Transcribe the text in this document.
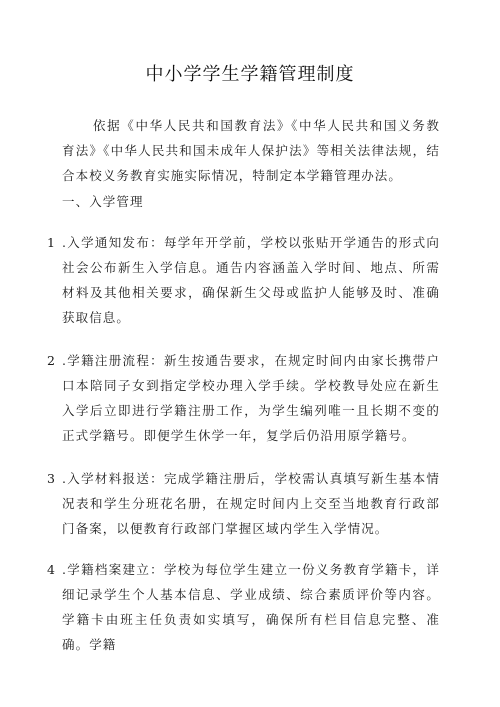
中小学学生学籍管理制度
依据《中华人民共和国教育法》《中华人民共和国义务教育法》《中华人民共和国未成年人保护法》等相关法律法规，结合本校义务教育实施实际情况，特制定本学籍管理办法。
一、入学管理
1 .入学通知发布：每学年开学前，学校以张贴开学通告的形式向社会公布新生入学信息。通告内容涵盖入学时间、地点、所需材料及其他相关要求，确保新生父母或监护人能够及时、准确获取信息。
2 .学籍注册流程：新生按通告要求，在规定时间内由家长携带户口本陪同子女到指定学校办理入学手续。学校教导处应在新生入学后立即进行学籍注册工作，为学生编列唯一且长期不变的正式学籍号。即便学生休学一年，复学后仍沿用原学籍号。
3 .入学材料报送：完成学籍注册后，学校需认真填写新生基本情况表和学生分班花名册，在规定时间内上交至当地教育行政部门备案，以便教育行政部门掌握区域内学生入学情况。
4 .学籍档案建立：学校为每位学生建立一份义务教育学籍卡，详细记录学生个人基本信息、学业成绩、综合素质评价等内容。学籍卡由班主任负责如实填写，确保所有栏目信息完整、准确。学籍
